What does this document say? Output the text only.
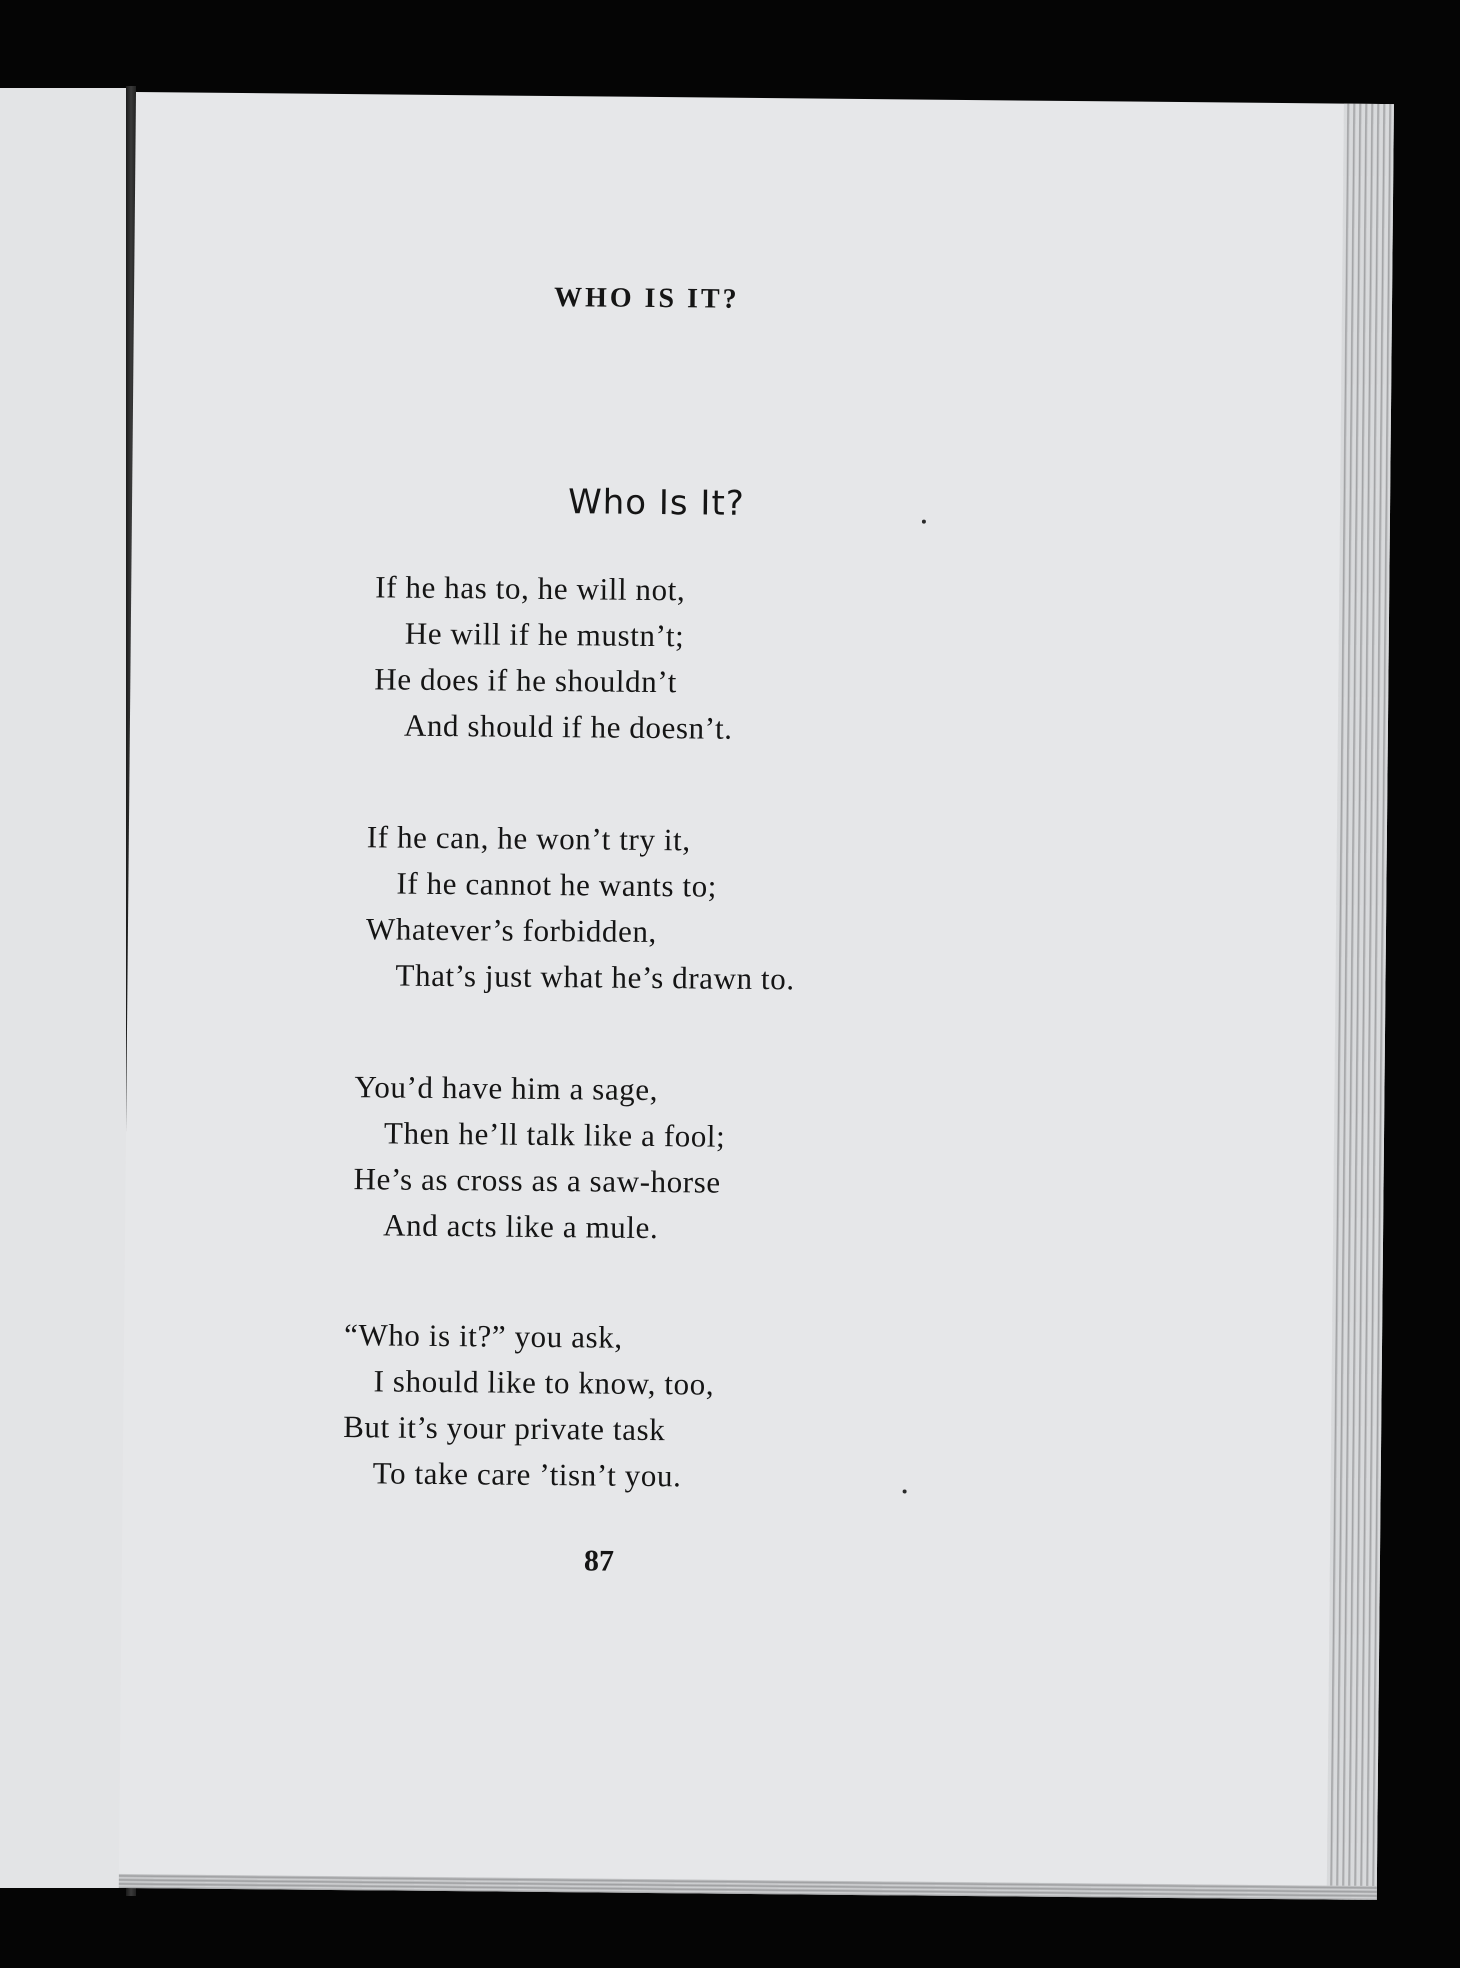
WHO IS IT?
Who Is It?
If he has to, he will not,
He will if he mustn’t;
He does if he shouldn’t
And should if he doesn’t.
If he can, he won’t try it,
If he cannot he wants to;
Whatever’s forbidden,
That’s just what he’s drawn to.
You’d have him a sage,
Then he’ll talk like a fool;
He’s as cross as a saw-horse
And acts like a mule.
“Who is it?” you ask,
I should like to know, too,
But it’s your private task
To take care ’tisn’t you.
87
